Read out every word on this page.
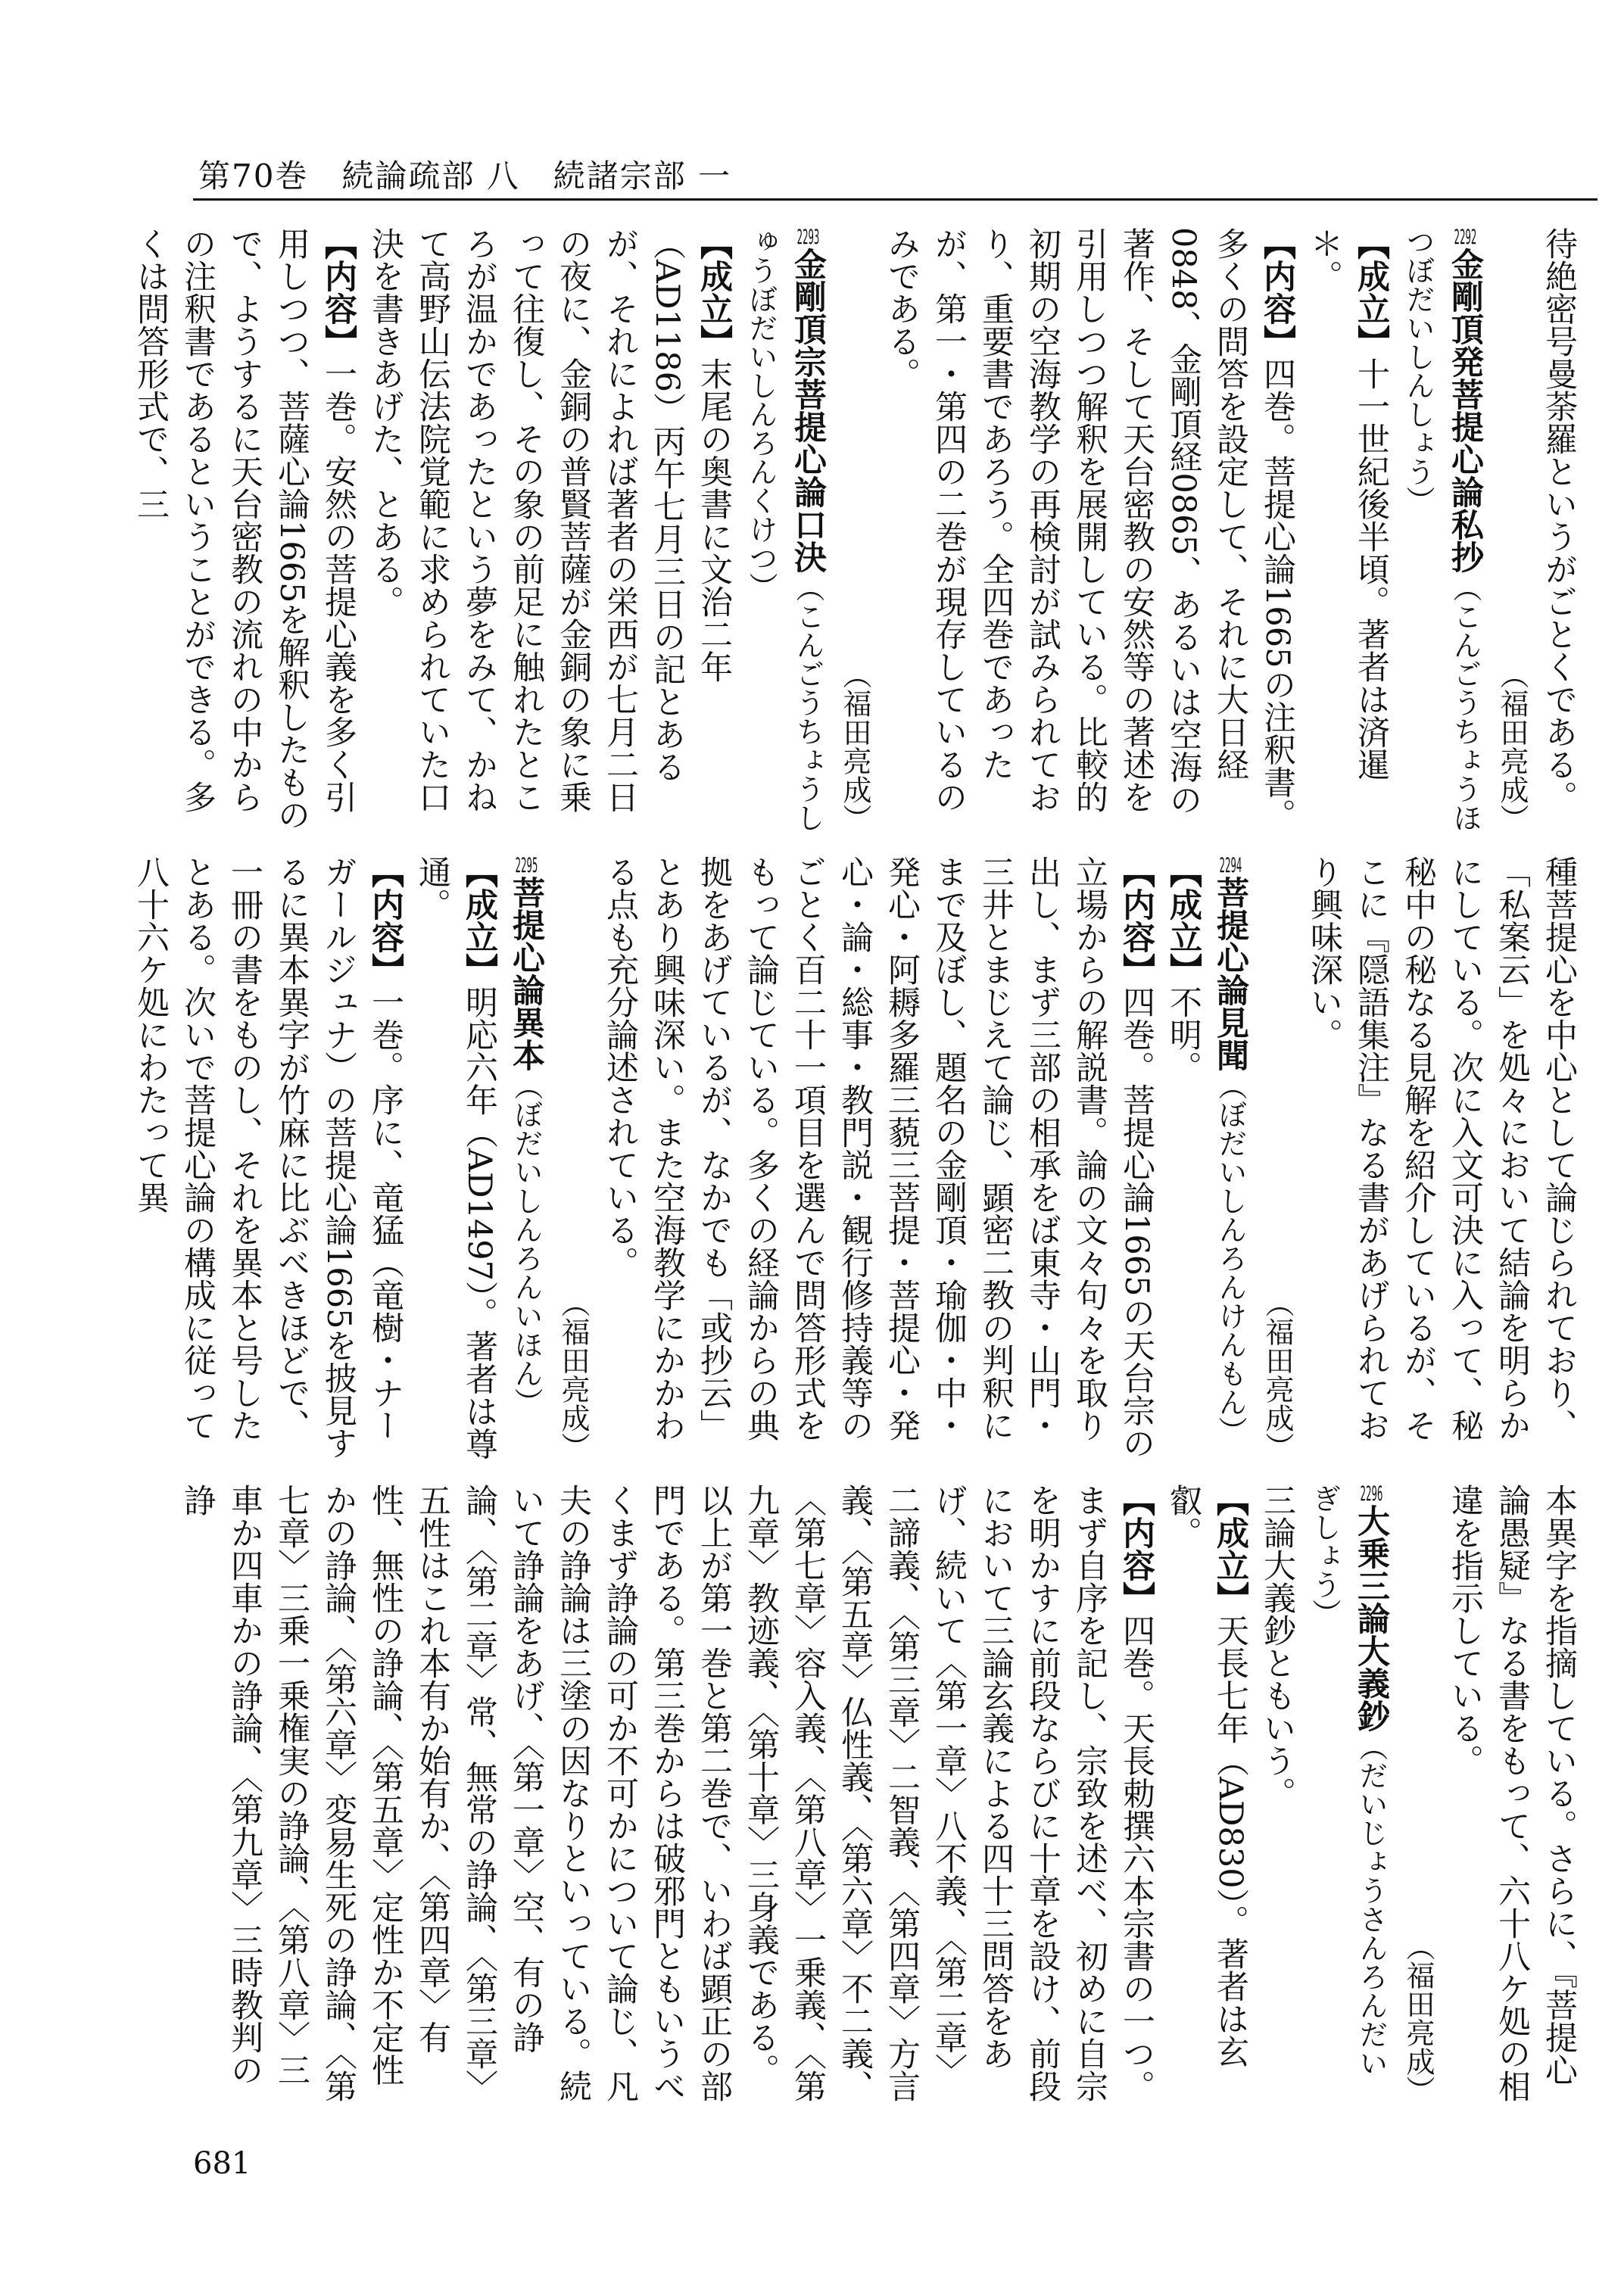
第70巻　続論疏部 八　続諸宗部 一

待絶密号曼荼羅というがごとくである。

（福田亮成）

2292金剛頂発菩提心論私抄（こんごうちょうほつぼだいしんしょう）

【成立】十一世紀後半頃。著者は済暹＊。

【内容】四巻。菩提心論1665の注釈書。多くの問答を設定して、それに大日経0848、金剛頂経0865、あるいは空海の著作、そして天台密教の安然等の著述を引用しつつ解釈を展開している。比較的初期の空海教学の再検討が試みられており、重要書であろう。全四巻であったが、第一・第四の二巻が現存しているのみである。

（福田亮成）

2293金剛頂宗菩提心論口決（こんごうちょうしゅうぼだいしんろんくけつ）

【成立】末尾の奥書に文治二年（AD1186）丙午七月三日の記とあるが、それによれば著者の栄西が七月二日の夜に、金銅の普賢菩薩が金銅の象に乗って往復し、その象の前足に触れたところが温かであったという夢をみて、かねて高野山伝法院覚範に求められていた口決を書きあげた、とある。

【内容】一巻。安然の菩提心義を多く引用しつつ、菩薩心論1665を解釈したもので、ようするに天台密教の流れの中からの注釈書であるということができる。多くは問答形式で、三

種菩提心を中心として論じられており、「私案云」を処々において結論を明らかにしている。次に入文可決に入って、秘秘中の秘なる見解を紹介しているが、そこに『隠語集注』なる書があげられており興味深い。

（福田亮成）

2294菩提心論見聞（ぼだいしんろんけんもん）

【成立】不明。

【内容】四巻。菩提心論1665の天台宗の立場からの解説書。論の文々句々を取り出し、まず三部の相承をば東寺・山門・三井とまじえて論じ、顕密二教の判釈にまで及ぼし、題名の金剛頂・瑜伽・中・発心・阿耨多羅三藐三菩提・菩提心・発心・論・総事・教門説・観行修持義等のごとく百二十一項目を選んで問答形式をもって論じている。多くの経論からの典拠をあげているが、なかでも「或抄云」とあり興味深い。また空海教学にかかわる点も充分論述されている。

（福田亮成）

2295菩提心論異本（ぼだいしんろんいほん）

【成立】明応六年（AD1497）。著者は尊通。

【内容】一巻。序に、竜猛（竜樹・ナーガールジュナ）の菩提心論1665を披見するに異本異字が竹麻に比ぶべきほどで、一冊の書をものし、それを異本と号したとある。次いで菩提心論の構成に従って八十六ケ処にわたって異

本異字を指摘している。さらに、『菩提心論愚疑』なる書をもって、六十八ケ処の相違を指示している。

（福田亮成）

2296大乗三論大義鈔（だいじょうさんろんだいぎしょう）

三論大義鈔ともいう。

【成立】天長七年（AD830）。著者は玄叡。

【内容】四巻。天長勅撰六本宗書の一つ。まず自序を記し、宗致を述べ、初めに自宗を明かすに前段ならびに十章を設け、前段において三論玄義による四十三問答をあげ、続いて〈第一章〉八不義、〈第二章〉二諦義、〈第三章〉二智義、〈第四章〉方言義、〈第五章〉仏性義、〈第六章〉不二義、〈第七章〉容入義、〈第八章〉一乗義、〈第九章〉教迹義、〈第十章〉三身義である。以上が第一巻と第二巻で、いわば顕正の部門である。第三巻からは破邪門ともいうべくまず諍論の可か不可かについて論じ、凡夫の諍論は三塗の因なりといっている。続いて諍論をあげ、〈第一章〉空、有の諍論、〈第二章〉常、無常の諍論、〈第三章〉五性はこれ本有か始有か、〈第四章〉有性、無性の諍論、〈第五章〉定性か不定性かの諍論、〈第六章〉変易生死の諍論、〈第七章〉三乗一乗権実の諍論、〈第八章〉三車か四車かの諍論、〈第九章〉三時教判の諍

681
